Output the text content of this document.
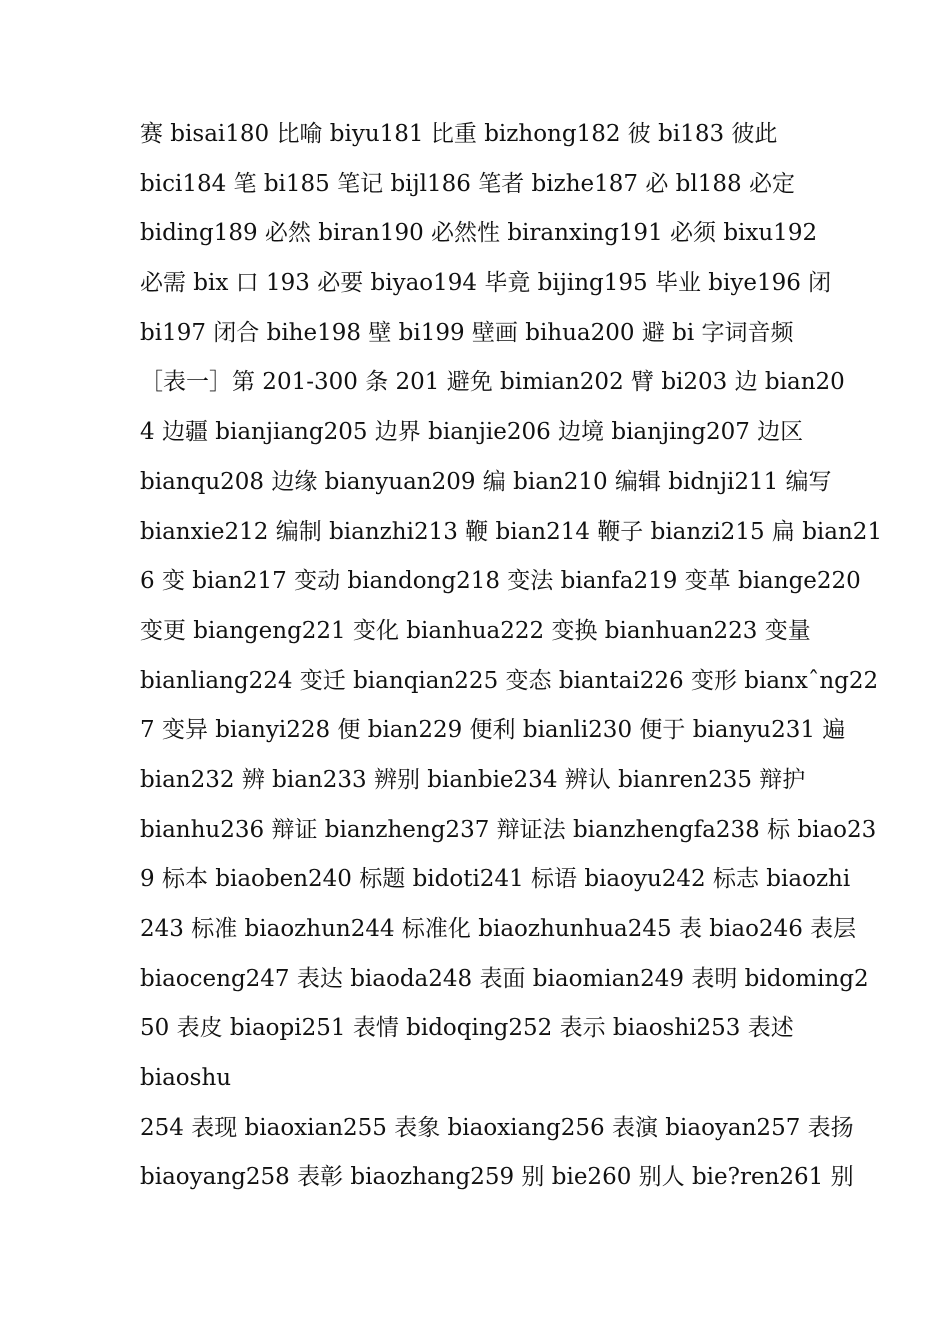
赛 bisai180 比喻 biyu181 比重 bizhong182 彼 bi183 彼此
bici184 笔 bi185 笔记 bijl186 笔者 bizhe187 必 bl188 必定
biding189 必然 biran190 必然性 biranxing191 必须 bixu192
必需 bix 口 193 必要 biyao194 毕竟 bijing195 毕业 biye196 闭
bi197 闭合 bihe198 壁 bi199 壁画 bihua200 避 bi 字词音频
［表一］第 201-300 条 201 避免 bimian202 臂 bi203 边 bian20
4 边疆 bianjiang205 边界 bianjie206 边境 bianjing207 边区
bianqu208 边缘 bianyuan209 编 bian210 编辑 bidnji211 编写
bianxie212 编制 bianzhi213 鞭 bian214 鞭子 bianzi215 扁 bian21
6 变 bian217 变动 biandong218 变法 bianfa219 变革 biange220
变更 biangeng221 变化 bianhua222 变换 bianhuan223 变量
bianliang224 变迁 bianqian225 变态 biantai226 变形 bianxˆng22
7 变异 bianyi228 便 bian229 便利 bianli230 便于 bianyu231 遍
bian232 辨 bian233 辨别 bianbie234 辨认 bianren235 辩护
bianhu236 辩证 bianzheng237 辩证法 bianzhengfa238 标 biao23
9 标本 biaoben240 标题 bidoti241 标语 biaoyu242 标志 biaozhi
243 标准 biaozhun244 标准化 biaozhunhua245 表 biao246 表层
biaoceng247 表达 biaoda248 表面 biaomian249 表明 bidoming2
50 表皮 biaopi251 表情 bidoqing252 表示 biaoshi253 表述
biaoshu
254 表现 biaoxian255 表象 biaoxiang256 表演 biaoyan257 表扬
biaoyang258 表彰 biaozhang259 别 bie260 别人 bie?ren261 别
